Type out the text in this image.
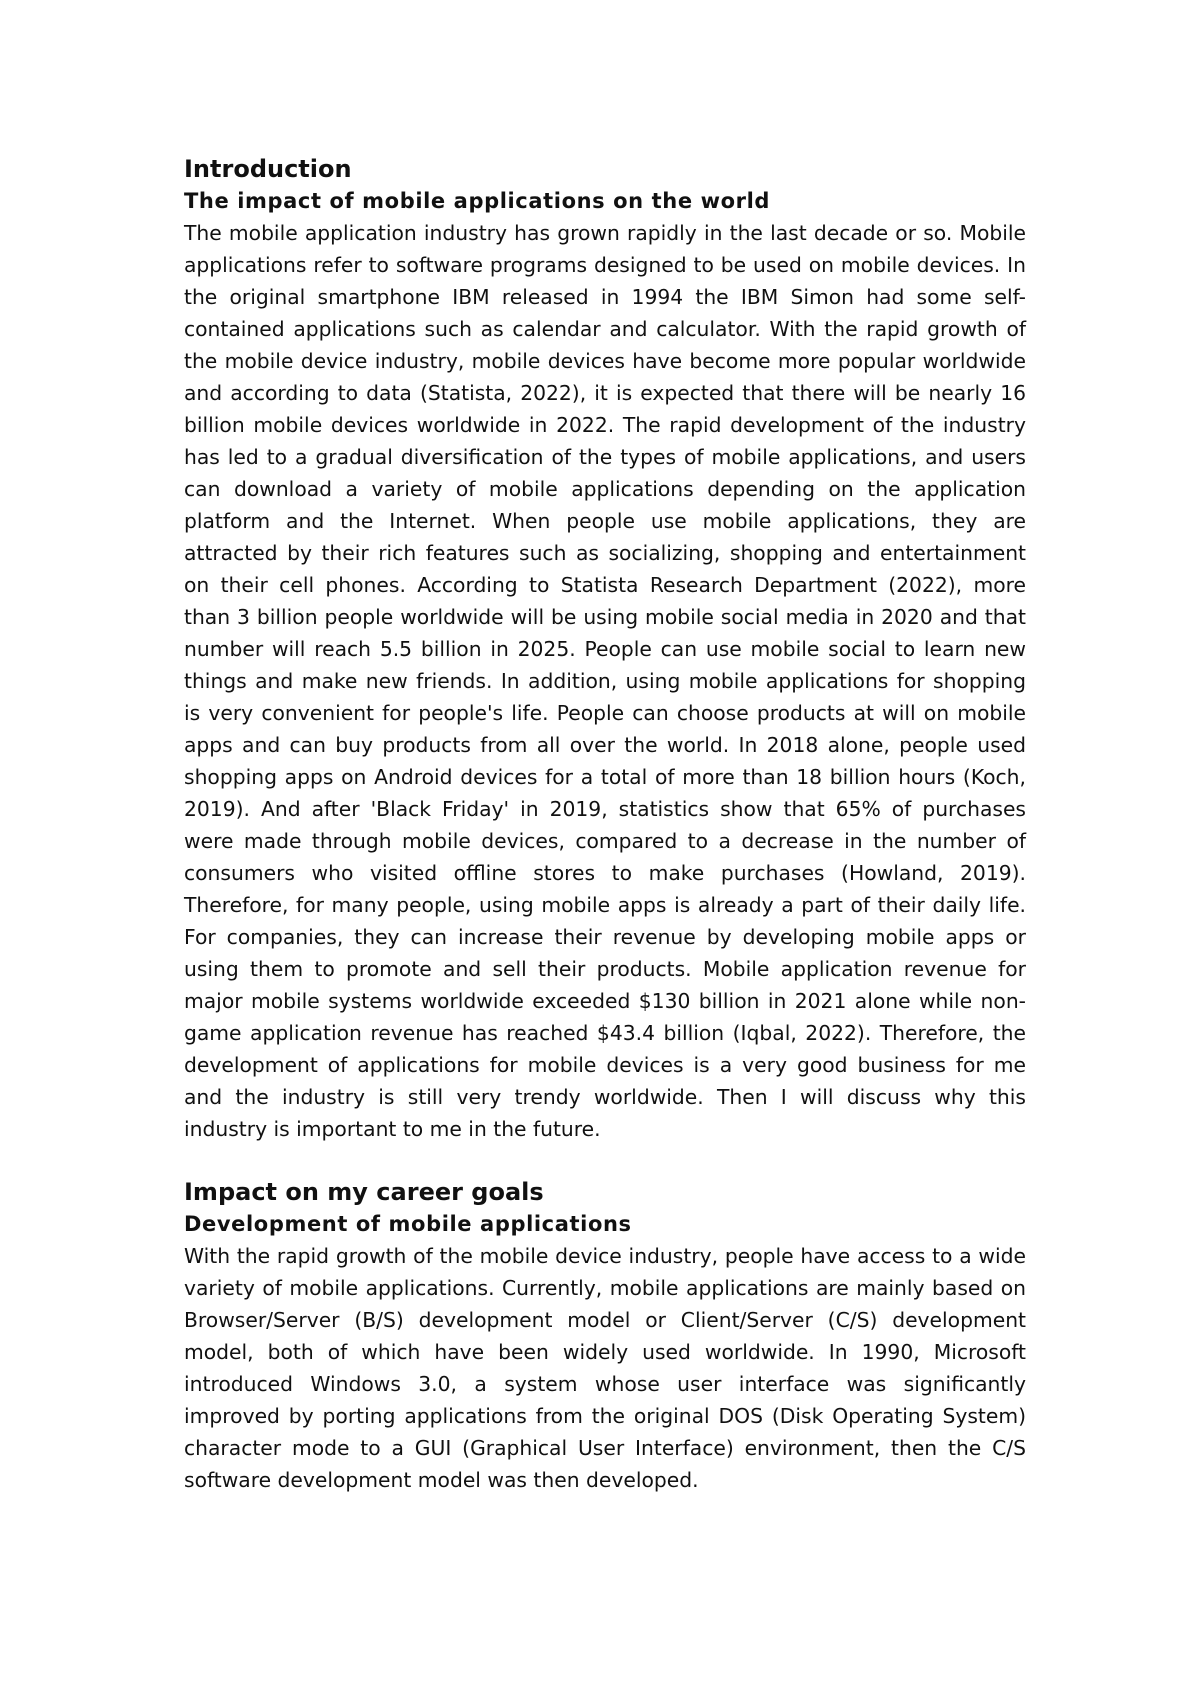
Introduction
The impact of mobile applications on the world

The mobile application industry has grown rapidly in the last decade or so. Mobile applications refer to software programs designed to be used on mobile devices. In the original smartphone IBM released in 1994 the IBM Simon had some self-contained applications such as calendar and calculator. With the rapid growth of the mobile device industry, mobile devices have become more popular worldwide and according to data (Statista, 2022), it is expected that there will be nearly 16 billion mobile devices worldwide in 2022. The rapid development of the industry has led to a gradual diversification of the types of mobile applications, and users can download a variety of mobile applications depending on the application platform and the Internet. When people use mobile applications, they are attracted by their rich features such as socializing, shopping and entertainment on their cell phones. According to Statista Research Department (2022), more than 3 billion people worldwide will be using mobile social media in 2020 and that number will reach 5.5 billion in 2025. People can use mobile social to learn new things and make new friends. In addition, using mobile applications for shopping is very convenient for people's life. People can choose products at will on mobile apps and can buy products from all over the world. In 2018 alone, people used shopping apps on Android devices for a total of more than 18 billion hours (Koch, 2019). And after 'Black Friday' in 2019, statistics show that 65% of purchases were made through mobile devices, compared to a decrease in the number of consumers who visited offline stores to make purchases (Howland, 2019). Therefore, for many people, using mobile apps is already a part of their daily life. For companies, they can increase their revenue by developing mobile apps or using them to promote and sell their products. Mobile application revenue for major mobile systems worldwide exceeded $130 billion in 2021 alone while non-game application revenue has reached $43.4 billion (Iqbal, 2022). Therefore, the development of applications for mobile devices is a very good business for me and the industry is still very trendy worldwide. Then I will discuss why this industry is important to me in the future.

Impact on my career goals
Development of mobile applications

With the rapid growth of the mobile device industry, people have access to a wide variety of mobile applications. Currently, mobile applications are mainly based on Browser/Server (B/S) development model or Client/Server (C/S) development model, both of which have been widely used worldwide. In 1990, Microsoft introduced Windows 3.0, a system whose user interface was significantly improved by porting applications from the original DOS (Disk Operating System) character mode to a GUI (Graphical User Interface) environment, then the C/S software development model was then developed.
